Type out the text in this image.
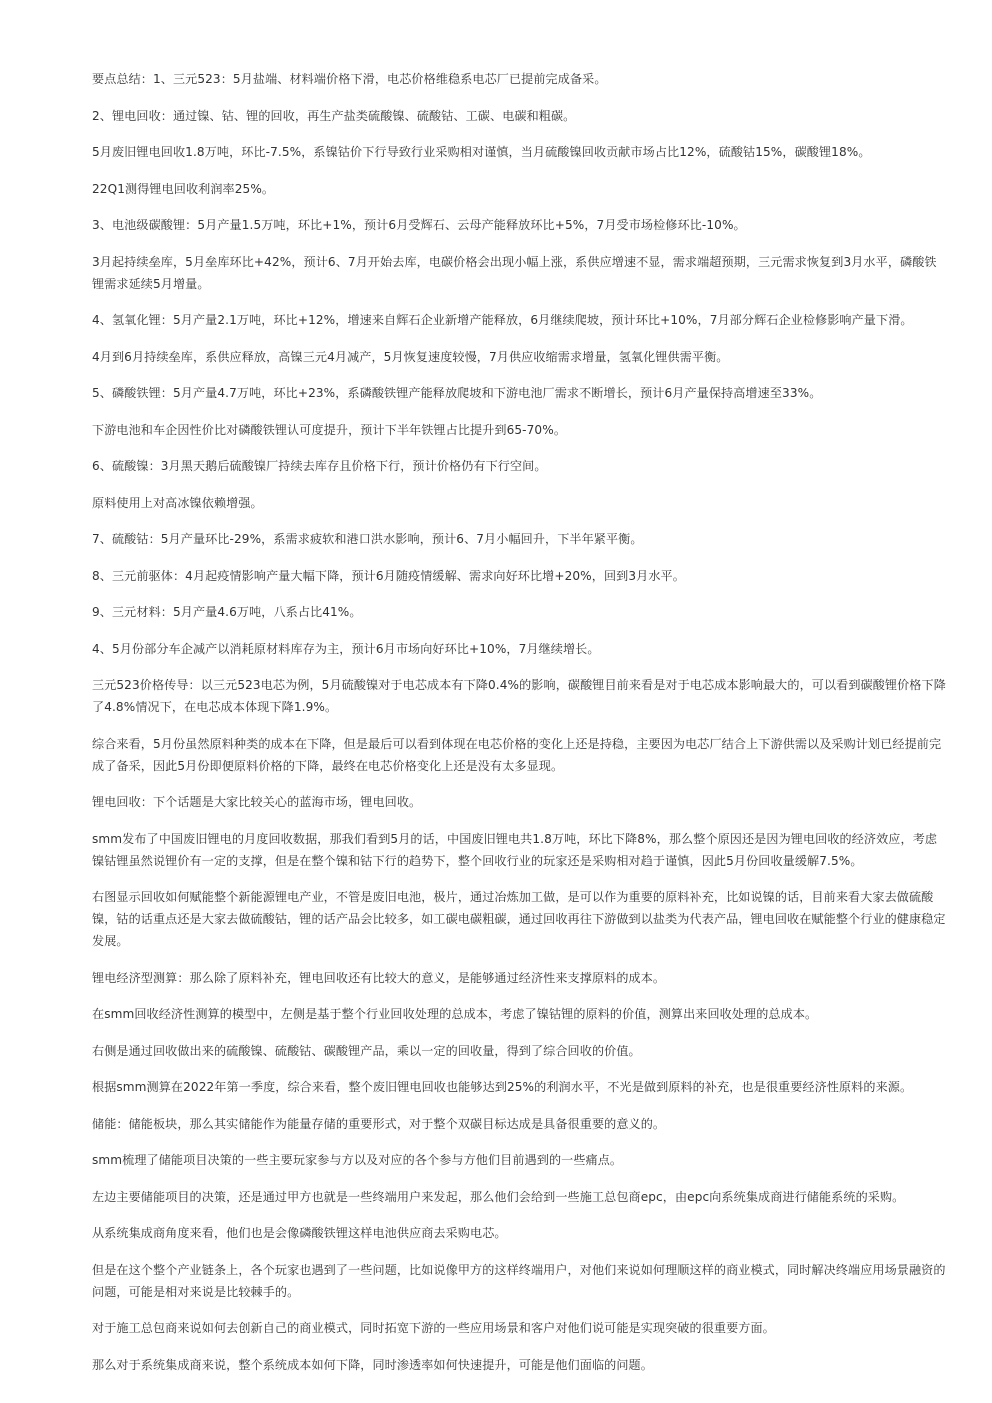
要点总结：1、三元523：5月盐端、材料端价格下滑，电芯价格维稳系电芯厂已提前完成备采。

2、锂电回收：通过镍、钴、锂的回收，再生产盐类硫酸镍、硫酸钴、工碳、电碳和粗碳。

5月废旧锂电回收1.8万吨，环比-7.5%，系镍钴价下行导致行业采购相对谨慎，当月硫酸镍回收贡献市场占比12%，硫酸钴15%，碳酸锂18%。

22Q1测得锂电回收利润率25%。

3、电池级碳酸锂：5月产量1.5万吨，环比+1%，预计6月受辉石、云母产能释放环比+5%，7月受市场检修环比-10%。

3月起持续垒库，5月垒库环比+42%，预计6、7月开始去库，电碳价格会出现小幅上涨，系供应增速不显，需求端超预期，三元需求恢复到3月水平，磷酸铁锂需求延续5月增量。

4、氢氧化锂：5月产量2.1万吨，环比+12%，增速来自辉石企业新增产能释放，6月继续爬坡，预计环比+10%，7月部分辉石企业检修影响产量下滑。

4月到6月持续垒库，系供应释放，高镍三元4月减产，5月恢复速度较慢，7月供应收缩需求增量，氢氧化锂供需平衡。

5、磷酸铁锂：5月产量4.7万吨，环比+23%，系磷酸铁锂产能释放爬坡和下游电池厂需求不断增长，预计6月产量保持高增速至33%。

下游电池和车企因性价比对磷酸铁锂认可度提升，预计下半年铁锂占比提升到65-70%。

6、硫酸镍：3月黑天鹅后硫酸镍厂持续去库存且价格下行，预计价格仍有下行空间。

原料使用上对高冰镍依赖增强。

7、硫酸钴：5月产量环比-29%，系需求疲软和港口洪水影响，预计6、7月小幅回升，下半年紧平衡。

8、三元前驱体：4月起疫情影响产量大幅下降，预计6月随疫情缓解、需求向好环比增+20%，回到3月水平。

9、三元材料：5月产量4.6万吨，八系占比41%。

4、5月份部分车企减产以消耗原材料库存为主，预计6月市场向好环比+10%，7月继续增长。

三元523价格传导：以三元523电芯为例，5月硫酸镍对于电芯成本有下降0.4%的影响，碳酸锂目前来看是对于电芯成本影响最大的，可以看到碳酸锂价格下降了4.8%情况下，在电芯成本体现下降1.9%。

综合来看，5月份虽然原料种类的成本在下降，但是最后可以看到体现在电芯价格的变化上还是持稳，主要因为电芯厂结合上下游供需以及采购计划已经提前完成了备采，因此5月份即便原料价格的下降，最终在电芯价格变化上还是没有太多显现。

锂电回收：下个话题是大家比较关心的蓝海市场，锂电回收。

smm发布了中国废旧锂电的月度回收数据，那我们看到5月的话，中国废旧锂电共1.8万吨，环比下降8%，那么整个原因还是因为锂电回收的经济效应，考虑镍钴锂虽然说锂价有一定的支撑，但是在整个镍和钴下行的趋势下，整个回收行业的玩家还是采购相对趋于谨慎，因此5月份回收量缓解7.5%。

右图显示回收如何赋能整个新能源锂电产业，不管是废旧电池，极片，通过冶炼加工做，是可以作为重要的原料补充，比如说镍的话，目前来看大家去做硫酸镍，钴的话重点还是大家去做硫酸钴，锂的话产品会比较多，如工碳电碳粗碳，通过回收再往下游做到以盐类为代表产品，锂电回收在赋能整个行业的健康稳定发展。

锂电经济型测算：那么除了原料补充，锂电回收还有比较大的意义，是能够通过经济性来支撑原料的成本。

在smm回收经济性测算的模型中，左侧是基于整个行业回收处理的总成本，考虑了镍钴锂的原料的价值，测算出来回收处理的总成本。

右侧是通过回收做出来的硫酸镍、硫酸钴、碳酸锂产品，乘以一定的回收量，得到了综合回收的价值。

根据smm测算在2022年第一季度，综合来看，整个废旧锂电回收也能够达到25%的利润水平，不光是做到原料的补充，也是很重要经济性原料的来源。

储能：储能板块，那么其实储能作为能量存储的重要形式，对于整个双碳目标达成是具备很重要的意义的。

smm梳理了储能项目决策的一些主要玩家参与方以及对应的各个参与方他们目前遇到的一些痛点。

左边主要储能项目的决策，还是通过甲方也就是一些终端用户来发起，那么他们会给到一些施工总包商epc，由epc向系统集成商进行储能系统的采购。

从系统集成商角度来看，他们也是会像磷酸铁锂这样电池供应商去采购电芯。

但是在这个整个产业链条上，各个玩家也遇到了一些问题，比如说像甲方的这样终端用户，对他们来说如何理顺这样的商业模式，同时解决终端应用场景融资的问题，可能是相对来说是比较棘手的。

对于施工总包商来说如何去创新自己的商业模式，同时拓宽下游的一些应用场景和客户对他们说可能是实现突破的很重要方面。

那么对于系统集成商来说，整个系统成本如何下降，同时渗透率如何快速提升，可能是他们面临的问题。
